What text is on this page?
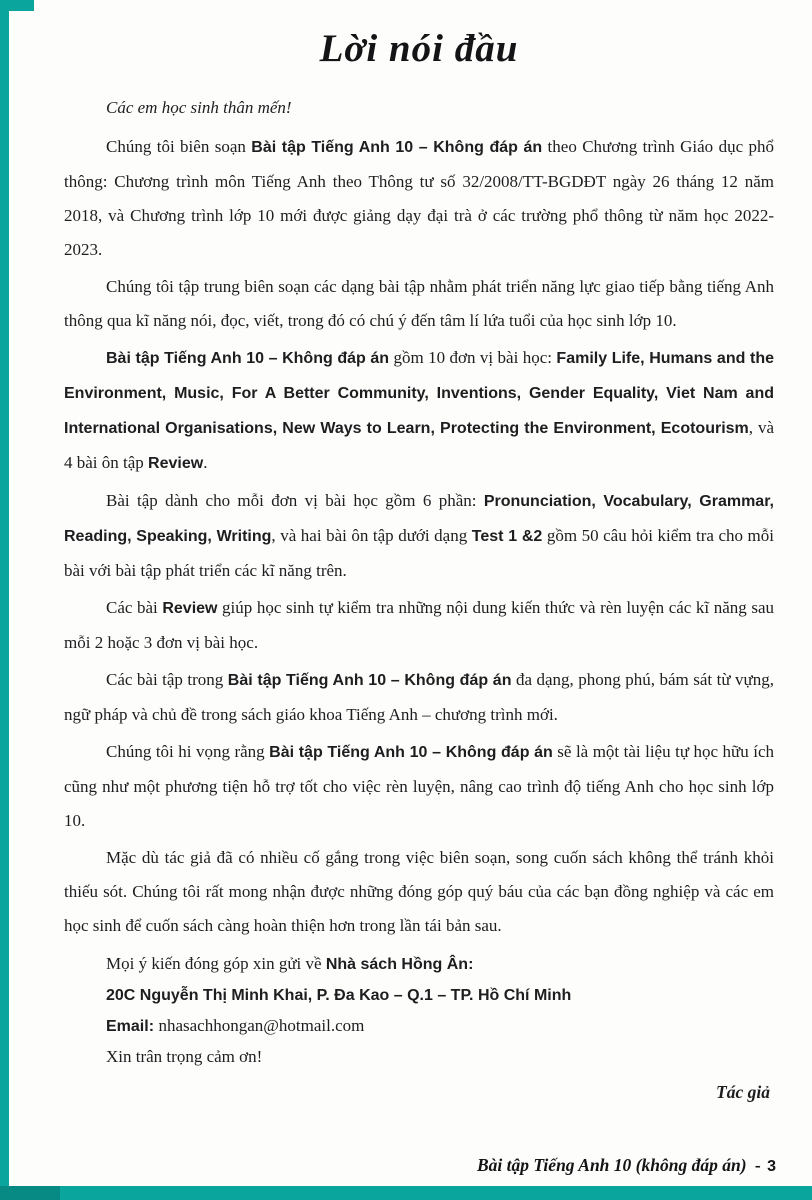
Lời nói đầu

Các em học sinh thân mến!

Chúng tôi biên soạn Bài tập Tiếng Anh 10 – Không đáp án theo Chương trình Giáo dục phổ thông: Chương trình môn Tiếng Anh theo Thông tư số 32/2008/TT-BGDĐT ngày 26 tháng 12 năm 2018, và Chương trình lớp 10 mới được giảng dạy đại trà ở các trường phổ thông từ năm học 2022-2023.

Chúng tôi tập trung biên soạn các dạng bài tập nhằm phát triển năng lực giao tiếp bằng tiếng Anh thông qua kĩ năng nói, đọc, viết, trong đó có chú ý đến tâm lí lứa tuổi của học sinh lớp 10.

Bài tập Tiếng Anh 10 – Không đáp án gồm 10 đơn vị bài học: Family Life, Humans and the Environment, Music, For A Better Community, Inventions, Gender Equality, Viet Nam and International Organisations, New Ways to Learn, Protecting the Environment, Ecotourism, và 4 bài ôn tập Review.

Bài tập dành cho mỗi đơn vị bài học gồm 6 phần: Pronunciation, Vocabulary, Grammar, Reading, Speaking, Writing, và hai bài ôn tập dưới dạng Test 1 &2 gồm 50 câu hỏi kiểm tra cho mỗi bài với bài tập phát triển các kĩ năng trên.

Các bài Review giúp học sinh tự kiểm tra những nội dung kiến thức và rèn luyện các kĩ năng sau mỗi 2 hoặc 3 đơn vị bài học.

Các bài tập trong Bài tập Tiếng Anh 10 – Không đáp án đa dạng, phong phú, bám sát từ vựng, ngữ pháp và chủ đề trong sách giáo khoa Tiếng Anh – chương trình mới.

Chúng tôi hi vọng rằng Bài tập Tiếng Anh 10 – Không đáp án sẽ là một tài liệu tự học hữu ích cũng như một phương tiện hỗ trợ tốt cho việc rèn luyện, nâng cao trình độ tiếng Anh cho học sinh lớp 10.

Mặc dù tác giả đã có nhiều cố gắng trong việc biên soạn, song cuốn sách không thể tránh khỏi thiếu sót. Chúng tôi rất mong nhận được những đóng góp quý báu của các bạn đồng nghiệp và các em học sinh để cuốn sách càng hoàn thiện hơn trong lần tái bản sau.

Mọi ý kiến đóng góp xin gửi về Nhà sách Hồng Ân:
20C Nguyễn Thị Minh Khai, P. Đa Kao – Q.1 – TP. Hồ Chí Minh
Email: nhasachhongan@hotmail.com
Xin trân trọng cảm ơn!
Tác giả
Bài tập Tiếng Anh 10 (không đáp án) - 3
